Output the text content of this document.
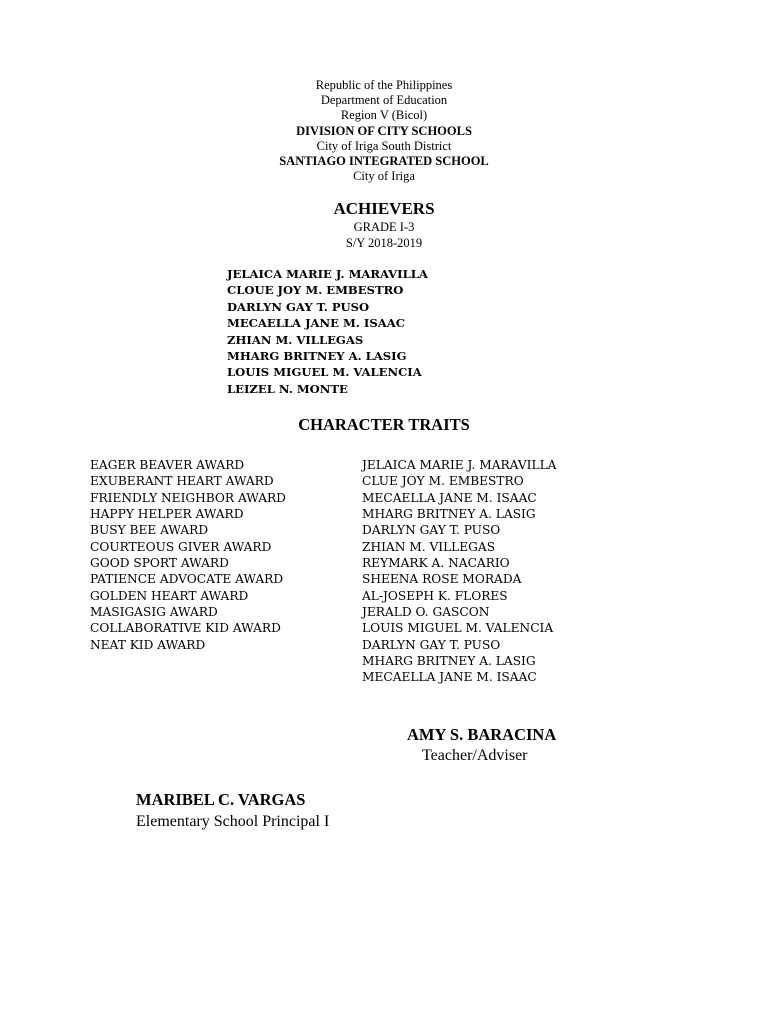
Republic of the Philippines
Department of Education
Region V (Bicol)
DIVISION OF CITY SCHOOLS
City of Iriga South District
SANTIAGO INTEGRATED SCHOOL
City of Iriga
ACHIEVERS
GRADE I-3
S/Y 2018-2019
JELAICA MARIE J. MARAVILLA
CLOUE JOY M. EMBESTRO
DARLYN GAY T. PUSO
MECAELLA JANE M. ISAAC
ZHIAN M. VILLEGAS
MHARG BRITNEY A. LASIG
LOUIS MIGUEL M. VALENCIA
LEIZEL N. MONTE
CHARACTER TRAITS
EAGER BEAVER AWARD
EXUBERANT HEART AWARD
FRIENDLY NEIGHBOR AWARD
HAPPY HELPER AWARD
BUSY BEE AWARD
COURTEOUS GIVER AWARD
GOOD SPORT AWARD
PATIENCE ADVOCATE AWARD
GOLDEN HEART AWARD
MASIGASIG AWARD
COLLABORATIVE KID AWARD
NEAT KID AWARD
JELAICA MARIE J. MARAVILLA
CLUE JOY M. EMBESTRO
MECAELLA JANE M. ISAAC
MHARG BRITNEY A. LASIG
DARLYN GAY T. PUSO
ZHIAN M. VILLEGAS
REYMARK A. NACARIO
SHEENA ROSE MORADA
AL-JOSEPH K. FLORES
JERALD O. GASCON
LOUIS MIGUEL M. VALENCIA
DARLYN GAY T. PUSO
MHARG BRITNEY A. LASIG
MECAELLA JANE M. ISAAC
AMY S. BARACINA
Teacher/Adviser
MARIBEL C. VARGAS
Elementary School Principal I
